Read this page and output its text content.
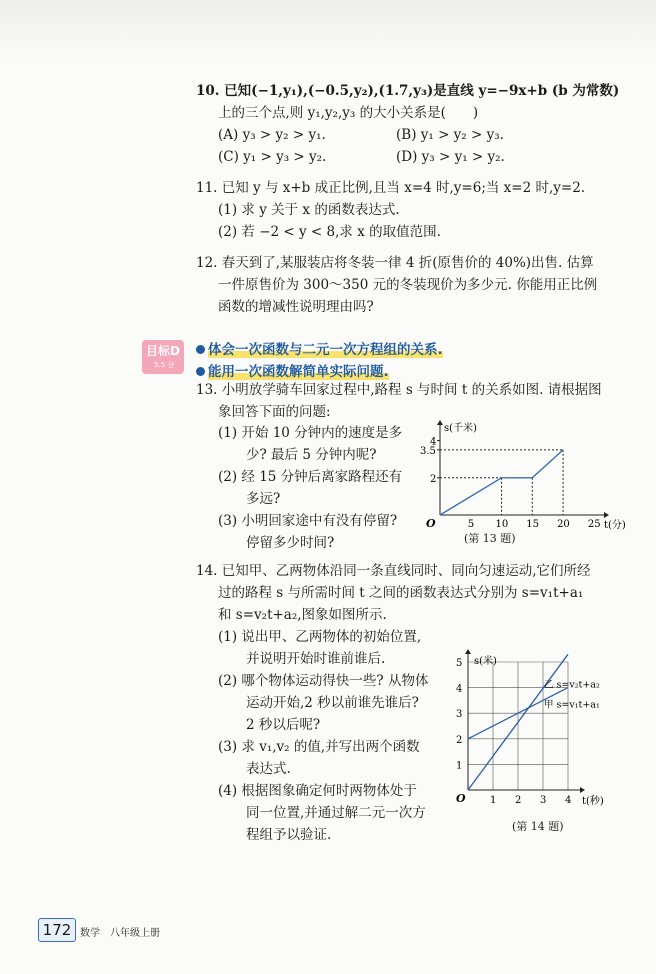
10. 已知(−1,y₁),(−0.5,y₂),(1.7,y₃)是直线 y=−9x+b (b 为常数)
上的三个点,则 y₁,y₂,y₃ 的大小关系是(　　)
(A) y₃ > y₂ > y₁.	(B) y₁ > y₂ > y₃.
(C) y₁ > y₃ > y₂.	(D) y₃ > y₁ > y₂.
11. 已知 y 与 x+b 成正比例,且当 x=4 时,y=6;当 x=2 时,y=2.
(1) 求 y 关于 x 的函数表达式.
(2) 若 −2 < y < 8,求 x 的取值范围.
12. 春天到了,某服装店将冬装一律 4 折(原售价的 40%)出售. 估算
一件原售价为 300～350 元的冬装现价为多少元. 你能用正比例
函数的增减性说明理由吗?
目标D
5.5 分
体会一次函数与二元一次方程组的关系.
能用一次函数解简单实际问题.
13. 小明放学骑车回家过程中,路程 s 与时间 t 的关系如图. 请根据图
象回答下面的问题:
(1) 开始 10 分钟内的速度是多
少? 最后 5 分钟内呢?
(2) 经 15 分钟后离家路程还有
多远?
(3) 小明回家途中有没有停留?
停留多少时间?
s(千米)
t(分)
O	5 10 15 20 25
2
3.5
4
(第 13 题)
14. 已知甲、乙两物体沿同一条直线同时、同向匀速运动,它们所经
过的路程 s 与所需时间 t 之间的函数表达式分别为 s=v₁t+a₁
和 s=v₂t+a₂,图象如图所示.
(1) 说出甲、乙两物体的初始位置,
并说明开始时谁前谁后.
(2) 哪个物体运动得快一些? 从物体
运动开始,2 秒以前谁先谁后?
2 秒以后呢?
(3) 求 v₁,v₂ 的值,并写出两个函数
表达式.
(4) 根据图象确定何时两物体处于
同一位置,并通过解二元一次方
程组予以验证.
s(米)
t(秒)
O 1 2 3 4
1
2
3
4
5
乙 s=v₂t+a₂
甲 s=v₁t+a₁
(第 14 题)
172 数学　八年级上册
